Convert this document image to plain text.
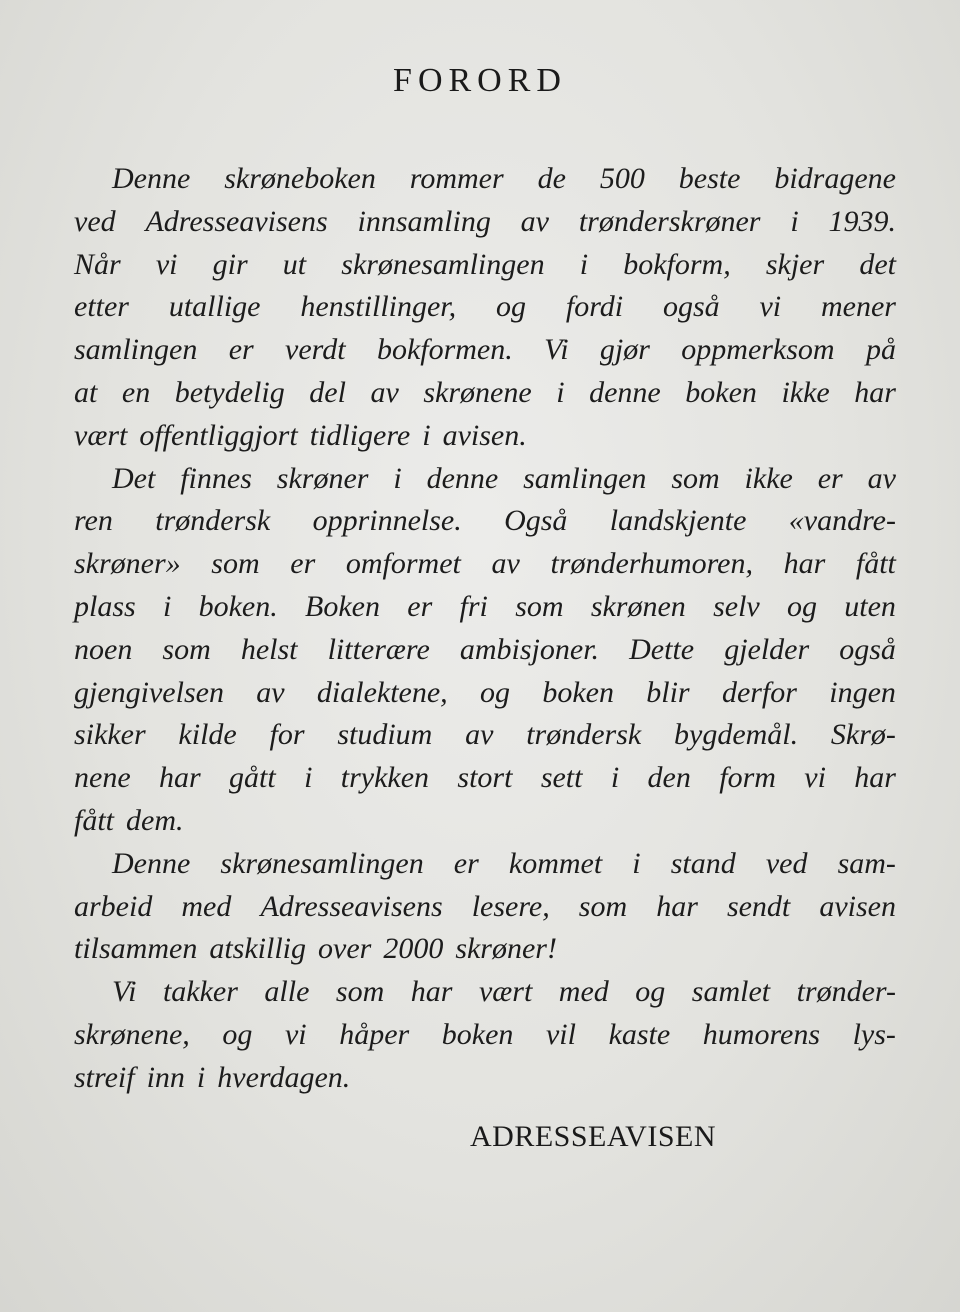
FORORD
Denne skrøneboken rommer de 500 beste bidragene
ved Adresseavisens innsamling av trønderskrøner i 1939.
Når vi gir ut skrønesamlingen i bokform, skjer det
etter utallige henstillinger, og fordi også vi mener
samlingen er verdt bokformen. Vi gjør oppmerksom på
at en betydelig del av skrønene i denne boken ikke har
vært offentliggjort tidligere i avisen.
Det finnes skrøner i denne samlingen som ikke er av
ren trøndersk opprinnelse. Også landskjente «vandre-
skrøner» som er omformet av trønderhumoren, har fått
plass i boken. Boken er fri som skrønen selv og uten
noen som helst litterære ambisjoner. Dette gjelder også
gjengivelsen av dialektene, og boken blir derfor ingen
sikker kilde for studium av trøndersk bygdemål. Skrø-
nene har gått i trykken stort sett i den form vi har
fått dem.
Denne skrønesamlingen er kommet i stand ved sam-
arbeid med Adresseavisens lesere, som har sendt avisen
tilsammen atskillig over 2000 skrøner!
Vi takker alle som har vært med og samlet trønder-
skrønene, og vi håper boken vil kaste humorens lys-
streif inn i hverdagen.
ADRESSEAVISEN
